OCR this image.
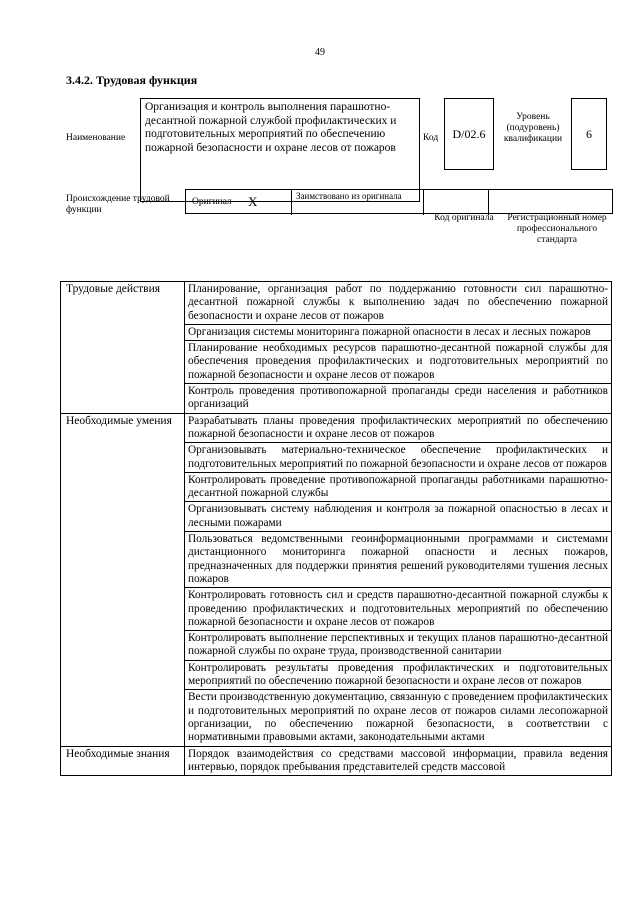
49
3.4.2. Трудовая функция
Наименование
Организация и контроль выполнения парашютно-десантной пожарной службой профилактических и подготовительных мероприятий по обеспечению пожарной безопасности и охране лесов от пожаров
Код	D/02.6
Уровень (подуровень) квалификации	6
Происхождение трудовой функции
Оригинал X	Заимствовано из оригинала
Код оригинала	Регистрационный номер профессионального стандарта
Трудовые действия	Планирование, организация работ по поддержанию готовности сил парашютно-десантной пожарной службы к выполнению задач по обеспечению пожарной безопасности и охране лесов от пожаров
	Организация системы мониторинга пожарной опасности в лесах и лесных пожаров
	Планирование необходимых ресурсов парашютно-десантной пожарной службы для обеспечения проведения профилактических и подготовительных мероприятий по пожарной безопасности и охране лесов от пожаров
	Контроль проведения противопожарной пропаганды среди населения и работников организаций
Необходимые умения	Разрабатывать планы проведения профилактических мероприятий по обеспечению пожарной безопасности и охране лесов от пожаров
	Организовывать материально-техническое обеспечение профилактических и подготовительных мероприятий по пожарной безопасности и охране лесов от пожаров
	Контролировать проведение противопожарной пропаганды работниками парашютно-десантной пожарной службы
	Организовывать систему наблюдения и контроля за пожарной опасностью в лесах и лесными пожарами
	Пользоваться ведомственными геоинформационными программами и системами дистанционного мониторинга пожарной опасности и лесных пожаров, предназначенных для поддержки принятия решений руководителями тушения лесных пожаров
	Контролировать готовность сил и средств парашютно-десантной пожарной службы к проведению профилактических и подготовительных мероприятий по обеспечению пожарной безопасности и охране лесов от пожаров
	Контролировать выполнение перспективных и текущих планов парашютно-десантной пожарной службы по охране труда, производственной санитарии
	Контролировать результаты проведения профилактических и подготовительных мероприятий по обеспечению пожарной безопасности и охране лесов от пожаров
	Вести производственную документацию, связанную с проведением профилактических и подготовительных мероприятий по охране лесов от пожаров силами лесопожарной организации, по обеспечению пожарной безопасности, в соответствии с нормативными правовыми актами, законодательными актами
Необходимые знания	Порядок взаимодействия со средствами массовой информации, правила ведения интервью, порядок пребывания представителей средств массовой
